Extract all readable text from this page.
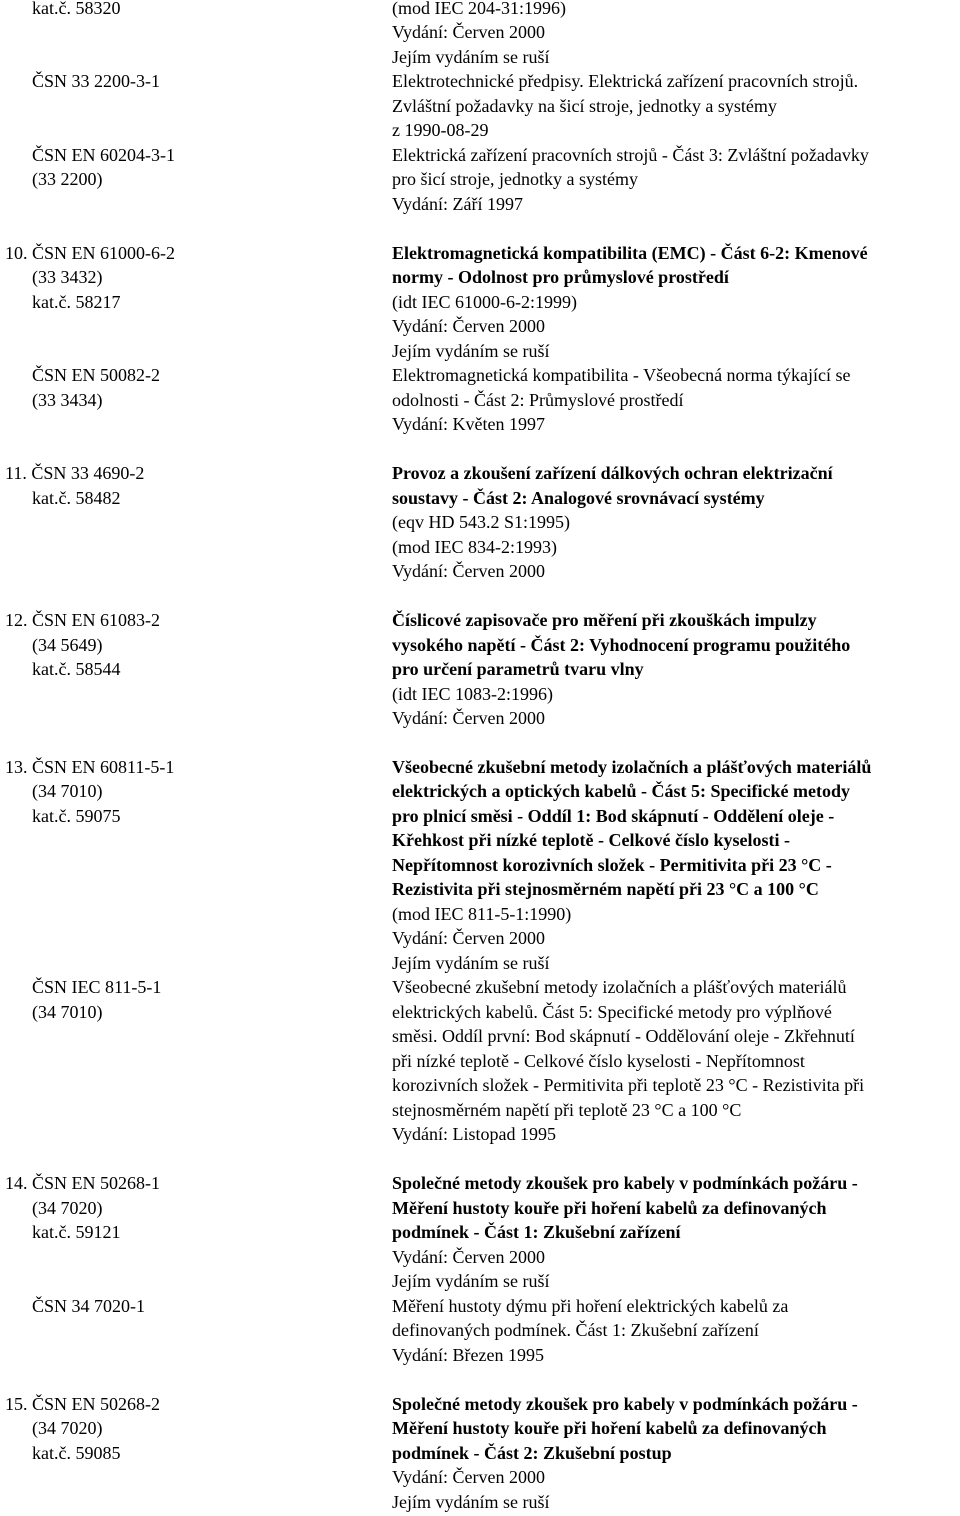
kat.č. 58320
ČSN 33 2200-3-1
ČSN EN 60204-3-1
(33 2200)
(mod IEC 204-31:1996)
Vydání: Červen 2000
Jejím vydáním se ruší
Elektrotechnické předpisy. Elektrická zařízení pracovních strojů.
Zvláštní požadavky na šicí stroje, jednotky a systémy
z 1990-08-29
Elektrická zařízení pracovních strojů - Část 3: Zvláštní požadavky
pro šicí stroje, jednotky a systémy
Vydání: Září 1997
10. ČSN EN 61000-6-2
(33 3432)
kat.č. 58217
ČSN EN 50082-2
(33 3434)
Elektromagnetická kompatibilita (EMC) - Část 6-2: Kmenové
normy - Odolnost pro průmyslové prostředí
(idt IEC 61000-6-2:1999)
Vydání: Červen 2000
Jejím vydáním se ruší
Elektromagnetická kompatibilita - Všeobecná norma týkající se
odolnosti - Část 2: Průmyslové prostředí
Vydání: Květen 1997
11. ČSN 33 4690-2
kat.č. 58482
Provoz a zkoušení zařízení dálkových ochran elektrizační
soustavy - Část 2: Analogové srovnávací systémy
(eqv HD 543.2 S1:1995)
(mod IEC 834-2:1993)
Vydání: Červen 2000
12. ČSN EN 61083-2
(34 5649)
kat.č. 58544
Číslicové zapisovače pro měření při zkouškách impulzy
vysokého napětí - Část 2: Vyhodnocení programu použitého
pro určení parametrů tvaru vlny
(idt IEC 1083-2:1996)
Vydání: Červen 2000
13. ČSN EN 60811-5-1
(34 7010)
kat.č. 59075
ČSN IEC 811-5-1
(34 7010)
Všeobecné zkušební metody izolačních a plášťových materiálů
elektrických a optických kabelů - Část 5: Specifické metody
pro plnicí směsi - Oddíl 1: Bod skápnutí - Oddělení oleje -
Křehkost při nízké teplotě - Celkové číslo kyselosti -
Nepřítomnost korozivních složek - Permitivita při 23 °C -
Rezistivita při stejnosměrném napětí při 23 °C a 100 °C
(mod IEC 811-5-1:1990)
Vydání: Červen 2000
Jejím vydáním se ruší
Všeobecné zkušební metody izolačních a plášťových materiálů
elektrických kabelů. Část 5: Specifické metody pro výplňové
směsi. Oddíl první: Bod skápnutí - Oddělování oleje - Zkřehnutí
při nízké teplotě - Celkové číslo kyselosti - Nepřítomnost
korozivních složek - Permitivita při teplotě 23 °C - Rezistivita při
stejnosměrném napětí při teplotě 23 °C a 100 °C
Vydání: Listopad 1995
14. ČSN EN 50268-1
(34 7020)
kat.č. 59121
ČSN 34 7020-1
Společné metody zkoušek pro kabely v podmínkách požáru -
Měření hustoty kouře při hoření kabelů za definovaných
podmínek - Část 1: Zkušební zařízení
Vydání: Červen 2000
Jejím vydáním se ruší
Měření hustoty dýmu při hoření elektrických kabelů za
definovaných podmínek. Část 1: Zkušební zařízení
Vydání: Březen 1995
15. ČSN EN 50268-2
(34 7020)
kat.č. 59085
Společné metody zkoušek pro kabely v podmínkách požáru -
Měření hustoty kouře při hoření kabelů za definovaných
podmínek - Část 2: Zkušební postup
Vydání: Červen 2000
Jejím vydáním se ruší
